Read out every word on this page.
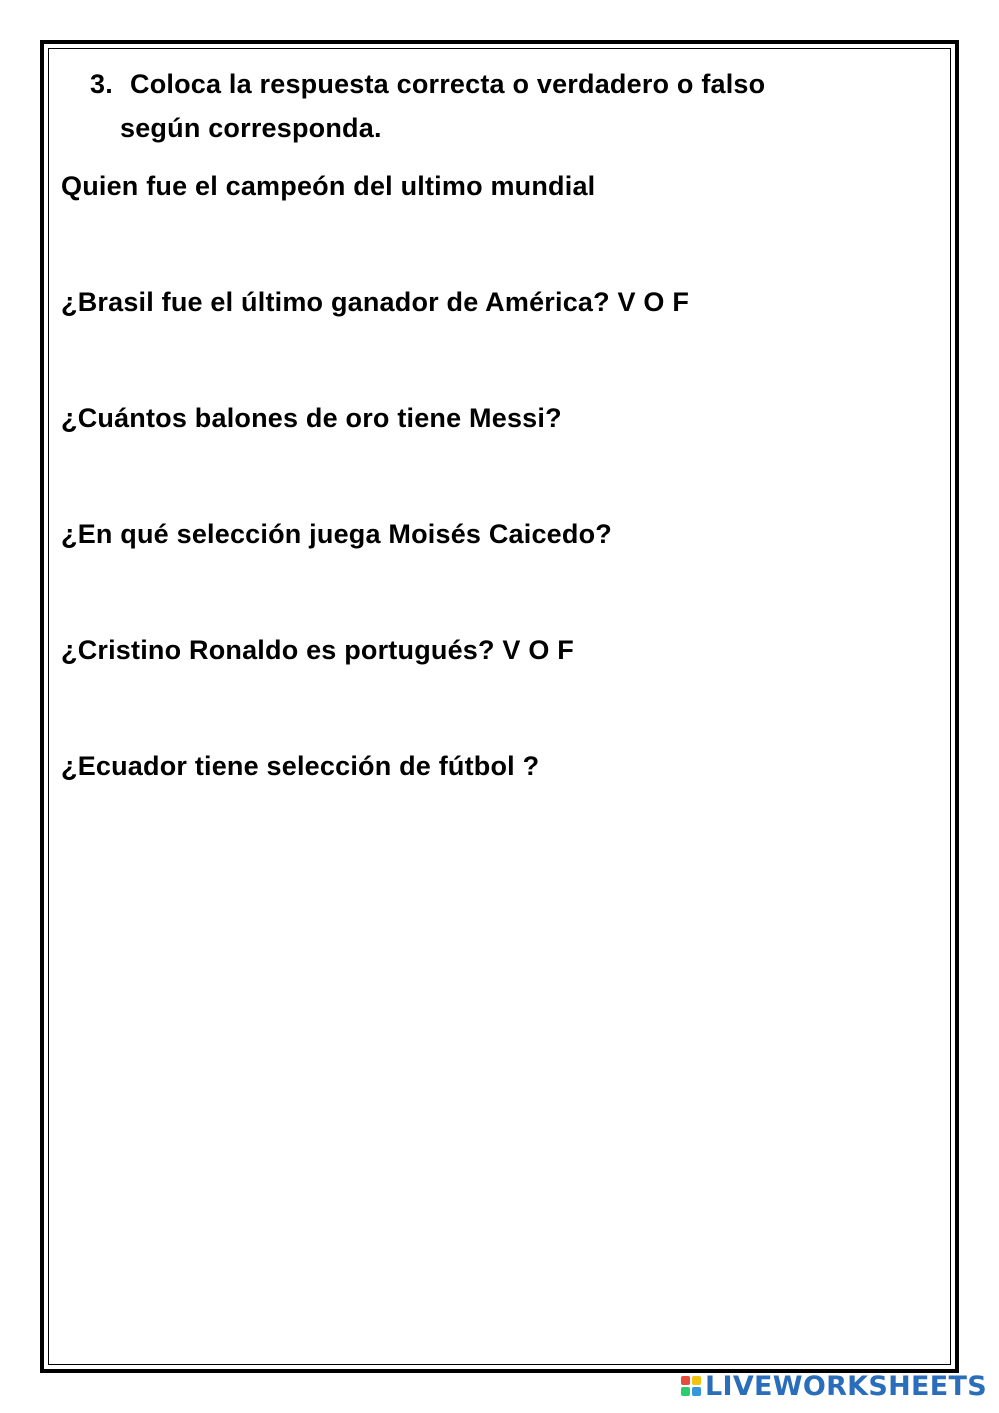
3. Coloca la respuesta correcta o verdadero o falso
según corresponda.
Quien fue el campeón del ultimo mundial
¿Brasil fue el último ganador de América? V O F
¿Cuántos balones de oro tiene Messi?
¿En qué selección juega Moisés Caicedo?
¿Cristino Ronaldo es portugués? V O F
¿Ecuador tiene selección de fútbol ?
LIVEWORKSHEETS
